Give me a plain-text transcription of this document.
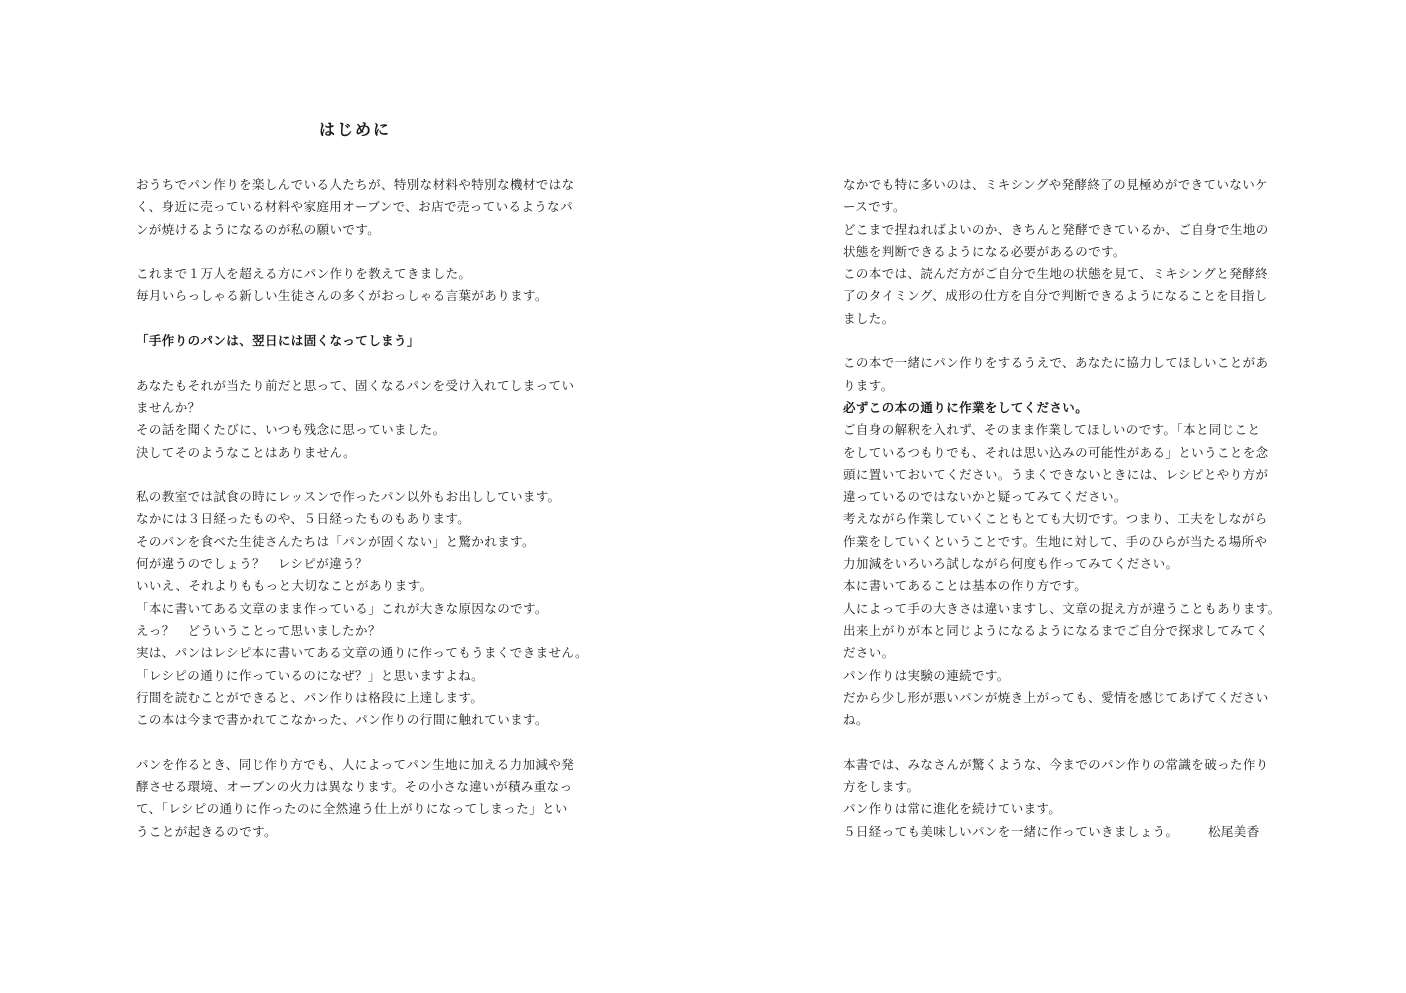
はじめに
おうちでパン作りを楽しんでいる人たちが、特別な材料や特別な機材ではな
く、身近に売っている材料や家庭用オーブンで、お店で売っているようなパ
ンが焼けるようになるのが私の願いです。
これまで１万人を超える方にパン作りを教えてきました。
毎月いらっしゃる新しい生徒さんの多くがおっしゃる言葉があります。
「手作りのパンは、翌日には固くなってしまう」
あなたもそれが当たり前だと思って、固くなるパンを受け入れてしまってい
ませんか？
その話を聞くたびに、いつも残念に思っていました。
決してそのようなことはありません。
私の教室では試食の時にレッスンで作ったパン以外もお出ししています。
なかには３日経ったものや、５日経ったものもあります。
そのパンを食べた生徒さんたちは「パンが固くない」と驚かれます。
何が違うのでしょう？　レシピが違う？
いいえ、それよりももっと大切なことがあります。
「本に書いてある文章のまま作っている」これが大きな原因なのです。
えっ？　どういうことって思いましたか？
実は、パンはレシピ本に書いてある文章の通りに作ってもうまくできません。
「レシピの通りに作っているのになぜ？」と思いますよね。
行間を読むことができると、パン作りは格段に上達します。
この本は今まで書かれてこなかった、パン作りの行間に触れています。
パンを作るとき、同じ作り方でも、人によってパン生地に加える力加減や発
酵させる環境、オーブンの火力は異なります。その小さな違いが積み重なっ
て、「レシピの通りに作ったのに全然違う仕上がりになってしまった」とい
うことが起きるのです。
なかでも特に多いのは、ミキシングや発酵終了の見極めができていないケ
ースです。
どこまで捏ねればよいのか、きちんと発酵できているか、ご自身で生地の
状態を判断できるようになる必要があるのです。
この本では、読んだ方がご自分で生地の状態を見て、ミキシングと発酵終
了のタイミング、成形の仕方を自分で判断できるようになることを目指し
ました。
この本で一緒にパン作りをするうえで、あなたに協力してほしいことがあ
ります。
必ずこの本の通りに作業をしてください。
ご自身の解釈を入れず、そのまま作業してほしいのです。「本と同じこと
をしているつもりでも、それは思い込みの可能性がある」ということを念
頭に置いておいてください。うまくできないときには、レシピとやり方が
違っているのではないかと疑ってみてください。
考えながら作業していくこともとても大切です。つまり、工夫をしながら
作業をしていくということです。生地に対して、手のひらが当たる場所や
力加減をいろいろ試しながら何度も作ってみてください。
本に書いてあることは基本の作り方です。
人によって手の大きさは違いますし、文章の捉え方が違うこともあります。
出来上がりが本と同じようになるようになるまでご自分で探求してみてく
ださい。
パン作りは実験の連続です。
だから少し形が悪いパンが焼き上がっても、愛情を感じてあげてください
ね。
本書では、みなさんが驚くような、今までのパン作りの常識を破った作り
方をします。
パン作りは常に進化を続けています。
５日経っても美味しいパンを一緒に作っていきましょう。 松尾美香
